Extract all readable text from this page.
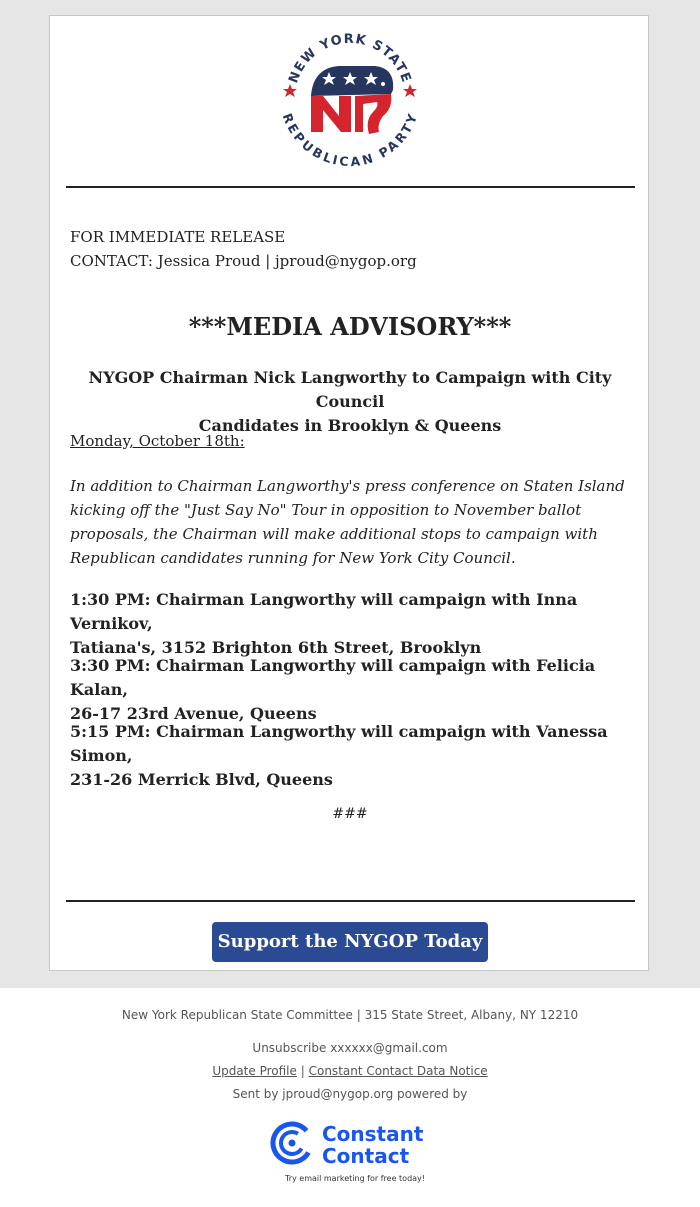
NEW YORK STATE
REPUBLICAN PARTY
FOR IMMEDIATE RELEASE
CONTACT: Jessica Proud | jproud@nygop.org
***MEDIA ADVISORY***
NYGOP Chairman Nick Langworthy to Campaign with City Council
Candidates in Brooklyn & Queens
Monday, October 18th:
In addition to Chairman Langworthy's press conference on Staten Island
kicking off the "Just Say No" Tour in opposition to November ballot
proposals, the Chairman will make additional stops to campaign with
Republican candidates running for New York City Council.
1:30 PM: Chairman Langworthy will campaign with Inna Vernikov,
Tatiana's, 3152 Brighton 6th Street, Brooklyn
3:30 PM: Chairman Langworthy will campaign with Felicia Kalan,
26-17 23rd Avenue, Queens
5:15 PM: Chairman Langworthy will campaign with Vanessa Simon,
231-26 Merrick Blvd, Queens
###
Support the NYGOP Today
New York Republican State Committee | 315 State Street, Albany, NY 12210
Unsubscribe xxxxxx@gmail.com
Update Profile | Constant Contact Data Notice
Sent by jproud@nygop.org powered by
Constant
Contact
Try email marketing for free today!
